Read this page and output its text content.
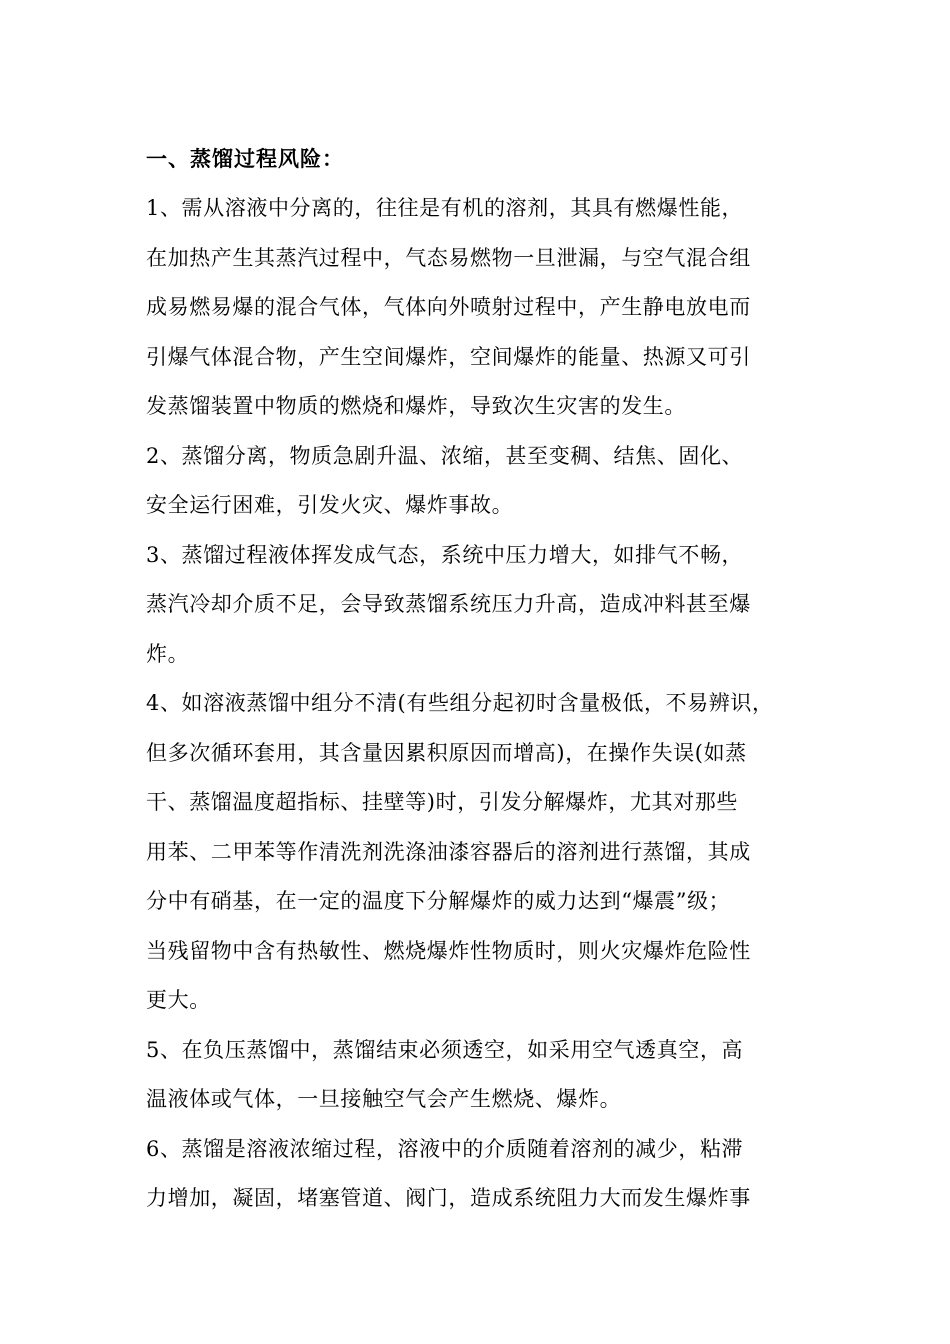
一、蒸馏过程风险：

1、需从溶液中分离的，往往是有机的溶剂，其具有燃爆性能，
在加热产生其蒸汽过程中，气态易燃物一旦泄漏，与空气混合组
成易燃易爆的混合气体，气体向外喷射过程中，产生静电放电而
引爆气体混合物，产生空间爆炸，空间爆炸的能量、热源又可引
发蒸馏装置中物质的燃烧和爆炸，导致次生灾害的发生。

2、蒸馏分离，物质急剧升温、浓缩，甚至变稠、结焦、固化、
安全运行困难，引发火灾、爆炸事故。

3、蒸馏过程液体挥发成气态，系统中压力增大，如排气不畅，
蒸汽冷却介质不足，会导致蒸馏系统压力升高，造成冲料甚至爆
炸。

4、如溶液蒸馏中组分不清(有些组分起初时含量极低，不易辨识，
但多次循环套用，其含量因累积原因而增高)，在操作失误(如蒸
干、蒸馏温度超指标、挂壁等)时，引发分解爆炸，尤其对那些
用苯、二甲苯等作清洗剂洗涤油漆容器后的溶剂进行蒸馏，其成
分中有硝基，在一定的温度下分解爆炸的威力达到“爆震”级；
当残留物中含有热敏性、燃烧爆炸性物质时，则火灾爆炸危险性
更大。

5、在负压蒸馏中，蒸馏结束必须透空，如采用空气透真空，高
温液体或气体，一旦接触空气会产生燃烧、爆炸。

6、蒸馏是溶液浓缩过程，溶液中的介质随着溶剂的减少，粘滞
力增加，凝固，堵塞管道、阀门，造成系统阻力大而发生爆炸事
